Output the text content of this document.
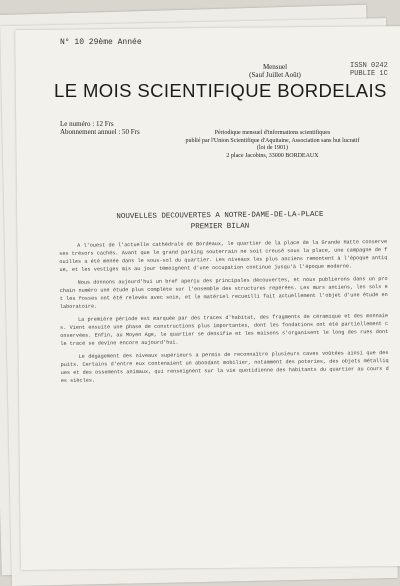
N° 10 29ème Année
Mensuel
(Sauf Juillet Août)
ISSN 0242
PUBLIE 1C
LE MOIS SCIENTIFIQUE BORDELAIS
Le numéro : 12 Frs
Abonnement annuel : 50 Frs	Périodique mensuel d'informations scientifiques
publié par l'Union Scientifique d'Aquitaine, Association sans but lucratif (loi de 1901)
2 place Jacobins, 33000 BORDEAUX
NOUVELLES DECOUVERTES A NOTRE-DAME-DE-LA-PLACE
PREMIER BILAN

A l'ouest de l'actuelle cathédrale de Bordeaux, le quartier de la place de la Grande Hatte conserve ses trésors cachés. Avant que le grand parking souterrain ne soit creusé sous la place, une campagne de fouilles a été menée dans le sous-sol du quartier. Les niveaux les plus anciens remontent à l'époque antique, et les vestiges mis au jour témoignent d'une occupation continue jusqu'à l'époque moderne.

Nous donnons aujourd'hui un bref aperçu des principales découvertes, et nous publierons dans un prochain numéro une étude plus complète sur l'ensemble des structures repérées. Les murs anciens, les sols et les fosses ont été relevés avec soin, et le matériel recueilli fait actuellement l'objet d'une étude en laboratoire.

La première période est marquée par des traces d'habitat, des fragments de céramique et des monnaies. Vient ensuite une phase de constructions plus importantes, dont les fondations ont été partiellement conservées. Enfin, au Moyen Age, le quartier se densifie et les maisons s'organisent le long des rues dont le tracé se devine encore aujourd'hui.

Le dégagement des niveaux supérieurs a permis de reconnaître plusieurs caves voûtées ainsi que des puits. Certains d'entre eux contenaient un abondant mobilier, notamment des poteries, des objets métalliques et des ossements animaux, qui renseignent sur la vie quotidienne des habitants du quartier au cours des siècles.
